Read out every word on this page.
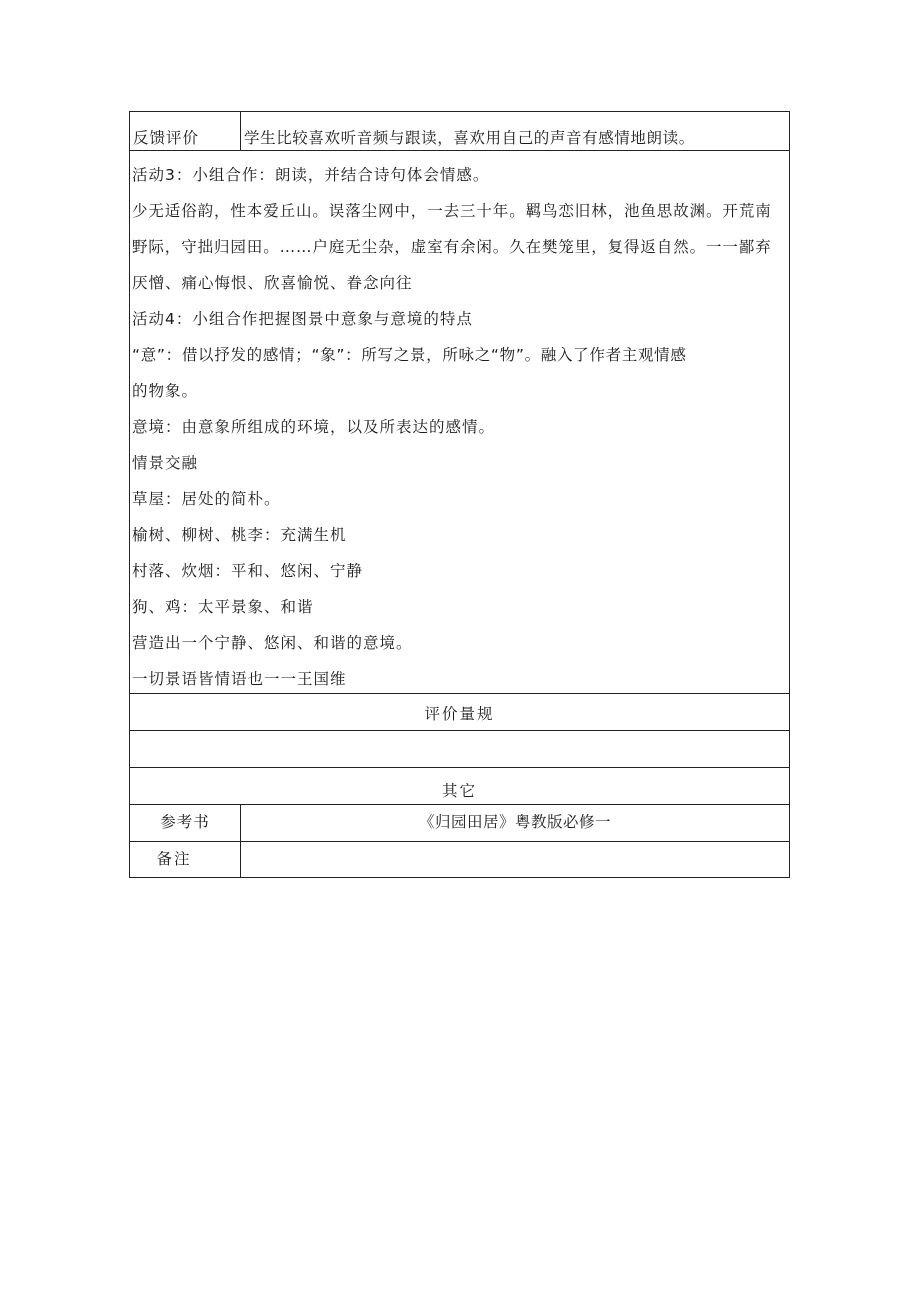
反馈评价	学生比较喜欢听音频与跟读，喜欢用自己的声音有感情地朗读。
活动3：小组合作：朗读，并结合诗句体会情感。
少无适俗韵，性本爱丘山。误落尘网中，一去三十年。羁鸟恋旧林，池鱼思故渊。开荒南
野际，守拙归园田。……户庭无尘杂，虚室有余闲。久在樊笼里，复得返自然。一一鄙弃
厌憎、痛心悔恨、欣喜愉悦、眷念向往
活动4：小组合作把握图景中意象与意境的特点
“意”：借以抒发的感情；“象”：所写之景，所咏之“物”。融入了作者主观情感
的物象。
意境：由意象所组成的环境，以及所表达的感情。
情景交融
草屋：居处的简朴。
榆树、柳树、桃李：充满生机
村落、炊烟：平和、悠闲、宁静
狗、鸡：太平景象、和谐
营造出一个宁静、悠闲、和谐的意境。
一切景语皆情语也一一王国维
评价量规
其它
参考书	《归园田居》粤教版必修一
备注
